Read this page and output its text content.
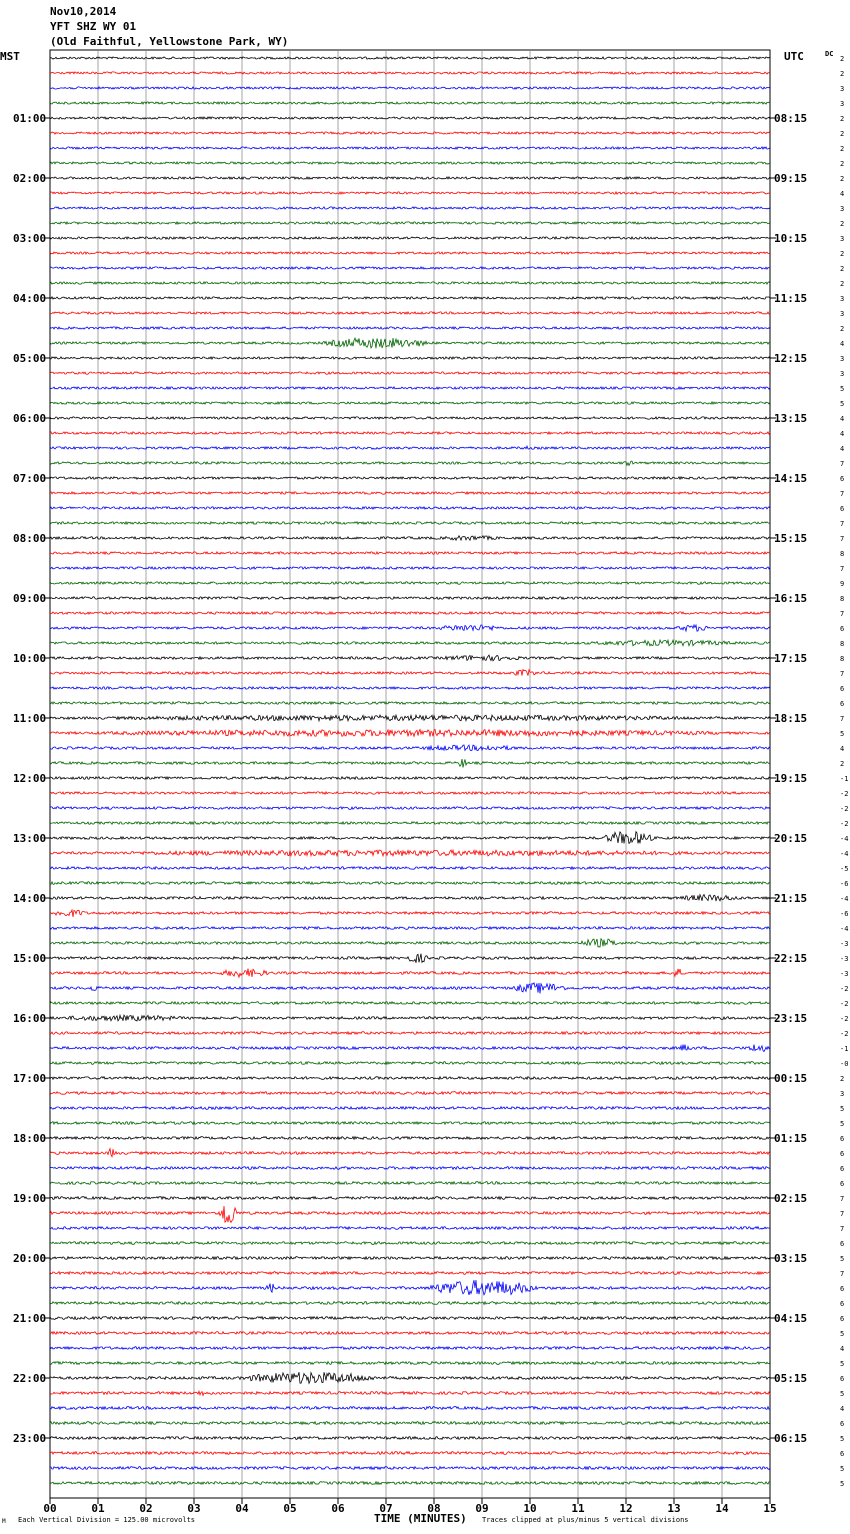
Nov10,2014
YFT SHZ WY 01
(Old Faithful, Yellowstone Park, WY)
MST	UTC	DC
00	01	02	03	04	05	06	07	08	09	10	11	12	13	14	15
2
2
3
3
2
2
2
2
2
4
3
2
3
2
2
2
3
3
2
4
3
3
5
5
4
4
4
7
6
7
6
7
7
8
7
9
8
7
6
8
8
7
6
6
7
5
4
2
-1
-2
-2
-2
-4
-4
-5
-6
-4
-6
-4
-3
-3
-3
-2
-2
-2
-2
-1
-0
2
3
5
5
6
6
6
6
7
7
7
6
5
7
6
6
6
5
4
5
6
5
4
6
5
6
5
5
01:00
02:00
03:00
04:00
05:00
06:00
07:00
08:00
09:00
10:00
11:00
12:00
13:00
14:00
15:00
16:00
17:00
18:00
19:00
20:00
21:00
22:00
23:00
08:15
09:15
10:15
11:15
12:15
13:15
14:15
15:15
16:15
17:15
18:15
19:15
20:15
21:15
22:15
23:15
00:15
01:15
02:15
03:15
04:15
05:15
06:15
M Each Vertical Division = 125.00 microvolts	TIME (MINUTES) Traces clipped at plus/minus 5 vertical divisions
